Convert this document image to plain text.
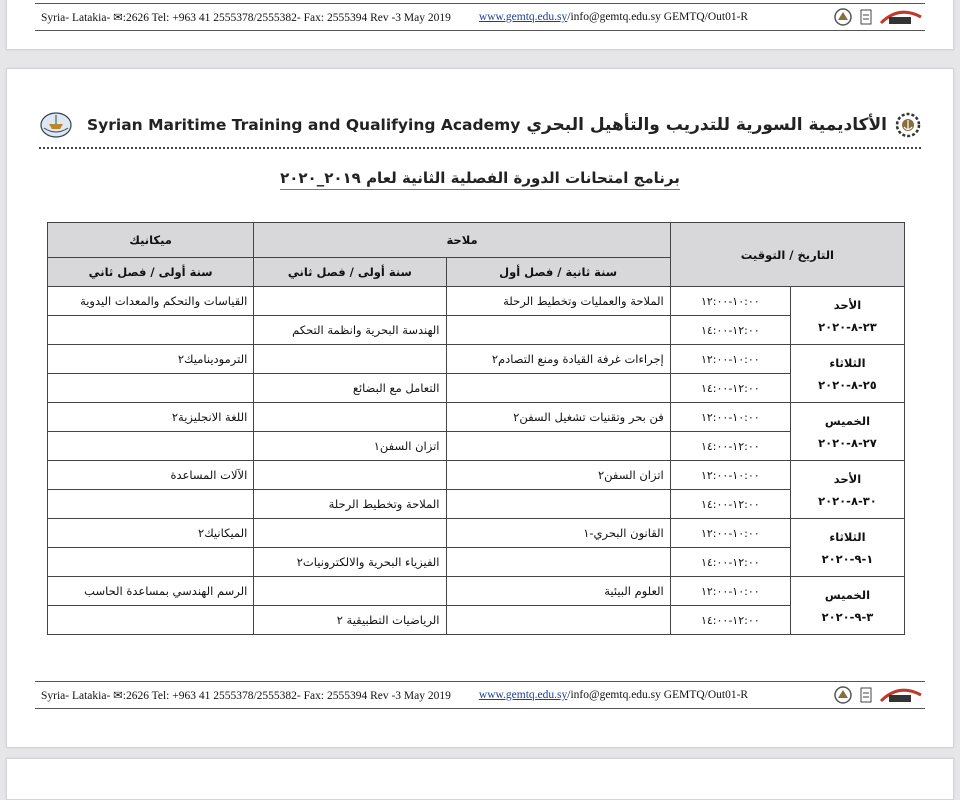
Syria- Latakia- ✉:2626 Tel: +963 41 2555378/2555382- Fax: 2555394 Rev -3 May 2019 www.gemtq.edu.sy /info@gemtq.edu.sy GEMTQ/Out01-R
Syrian Maritime Training and Qualifying Academy الأكاديمية السورية للتدريب والتأهيل البحري
برنامج امتحانات الدورة الفصلية الثانية لعام ٢٠١٩_٢٠٢٠
التاريخ / التوقيت		ملاحة		ميكانيك
		سنة ثانية / فصل أول	سنة أولى / فصل ثاني	سنة أولى / فصل ثاني

الأحد
٢٣-٨-٢٠٢٠	١٠:٠٠-١٢:٠٠	الملاحة والعمليات وتخطيط الرحلة		القياسات والتحكم والمعدات اليدوية
	١٢:٠٠-١٤:٠٠		الهندسة البحرية وانظمة التحكم	

الثلاثاء
٢٥-٨-٢٠٢٠	١٠:٠٠-١٢:٠٠	إجراءات غرفة القيادة ومنع التصادم٢		الترموديناميك٢
	١٢:٠٠-١٤:٠٠		التعامل مع البضائع	

الخميس
٢٧-٨-٢٠٢٠	١٠:٠٠-١٢:٠٠	فن بحر وتقنيات تشغيل السفن٢		اللغة الانجليزية٢
	١٢:٠٠-١٤:٠٠		اتزان السفن١	

الأحد
٣٠-٨-٢٠٢٠	١٠:٠٠-١٢:٠٠	اتزان السفن٢		الآلات المساعدة
	١٢:٠٠-١٤:٠٠		الملاحة وتخطيط الرحلة	

الثلاثاء
١-٩-٢٠٢٠	١٠:٠٠-١٢:٠٠	القانون البحري-١		الميكانيك٢
	١٢:٠٠-١٤:٠٠		الفيزياء البحرية والالكترونيات٢	

الخميس
٣-٩-٢٠٢٠	١٠:٠٠-١٢:٠٠	العلوم البيئية		الرسم الهندسي بمساعدة الحاسب
	١٢:٠٠-١٤:٠٠		الرياضيات التطبيقية ٢	
Syria- Latakia- ✉:2626 Tel: +963 41 2555378/2555382- Fax: 2555394 Rev -3 May 2019 www.gemtq.edu.sy /info@gemtq.edu.sy GEMTQ/Out01-R
